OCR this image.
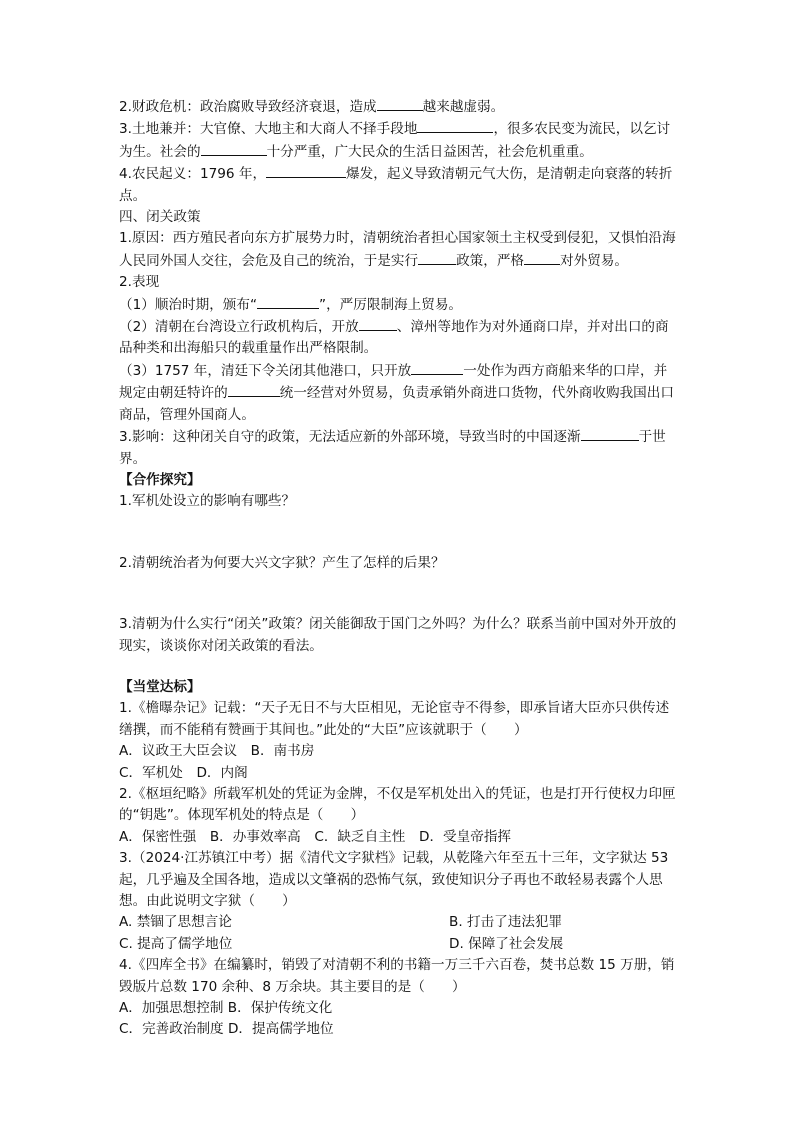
2.财政危机：政治腐败导致经济衰退，造成	越来越虚弱。

3.土地兼并：大官僚、大地主和大商人不择手段地	，很多农民变为流民，以乞讨为生。社会的	十分严重，广大民众的生活日益困苦，社会危机重重。

4.农民起义：1796 年，	爆发，起义导致清朝元气大伤，是清朝走向衰落的转折点。

四、闭关政策

1.原因：西方殖民者向东方扩展势力时，清朝统治者担心国家领土主权受到侵犯，又惧怕沿海人民同外国人交往，会危及自己的统治，于是实行	政策，严格	对外贸易。

2.表现

（1）顺治时期，颁布“	”，严厉限制海上贸易。

（2）清朝在台湾设立行政机构后，开放	、漳州等地作为对外通商口岸，并对出口的商品种类和出海船只的载重量作出严格限制。

（3）1757 年，清廷下令关闭其他港口，只开放	一处作为西方商船来华的口岸，并规定由朝廷特许的	统一经营对外贸易，负责承销外商进口货物，代外商收购我国出口商品，管理外国商人。

3.影响：这种闭关自守的政策，无法适应新的外部环境，导致当时的中国逐渐	于世界。

【合作探究】

1.军机处设立的影响有哪些？

2.清朝统治者为何要大兴文字狱？产生了怎样的后果？

3.清朝为什么实行“闭关”政策？闭关能御敌于国门之外吗？为什么？联系当前中国对外开放的现实，谈谈你对闭关政策的看法。

【当堂达标】

1.《檐曝杂记》记载：“天子无日不与大臣相见，无论宦寺不得参，即承旨诸大臣亦只供传述缮撰，而不能稍有赞画于其间也。”此处的“大臣”应该就职于（　　）

A．议政王大臣会议　B．南书房

C．军机处　D．内阁

2.《枢垣纪略》所载军机处的凭证为金牌，不仅是军机处出入的凭证，也是打开行使权力印匣的“钥匙”。体现军机处的特点是（　　）

A．保密性强　B．办事效率高　C．缺乏自主性　D．受皇帝指挥

3.（2024·江苏镇江中考）据《清代文字狱档》记载，从乾隆六年至五十三年，文字狱达 53 起，几乎遍及全国各地，造成以文肇祸的恐怖气氛，致使知识分子再也不敢轻易表露个人思想。由此说明文字狱（　　）

A. 禁锢了思想言论	B. 打击了违法犯罪

C. 提高了儒学地位	D. 保障了社会发展

4.《四库全书》在编纂时，销毁了对清朝不利的书籍一万三千六百卷，焚书总数 15 万册，销毁版片总数 170 余种、8 万余块。其主要目的是（　　）

A．加强思想控制 B．保护传统文化

C．完善政治制度 D．提高儒学地位
